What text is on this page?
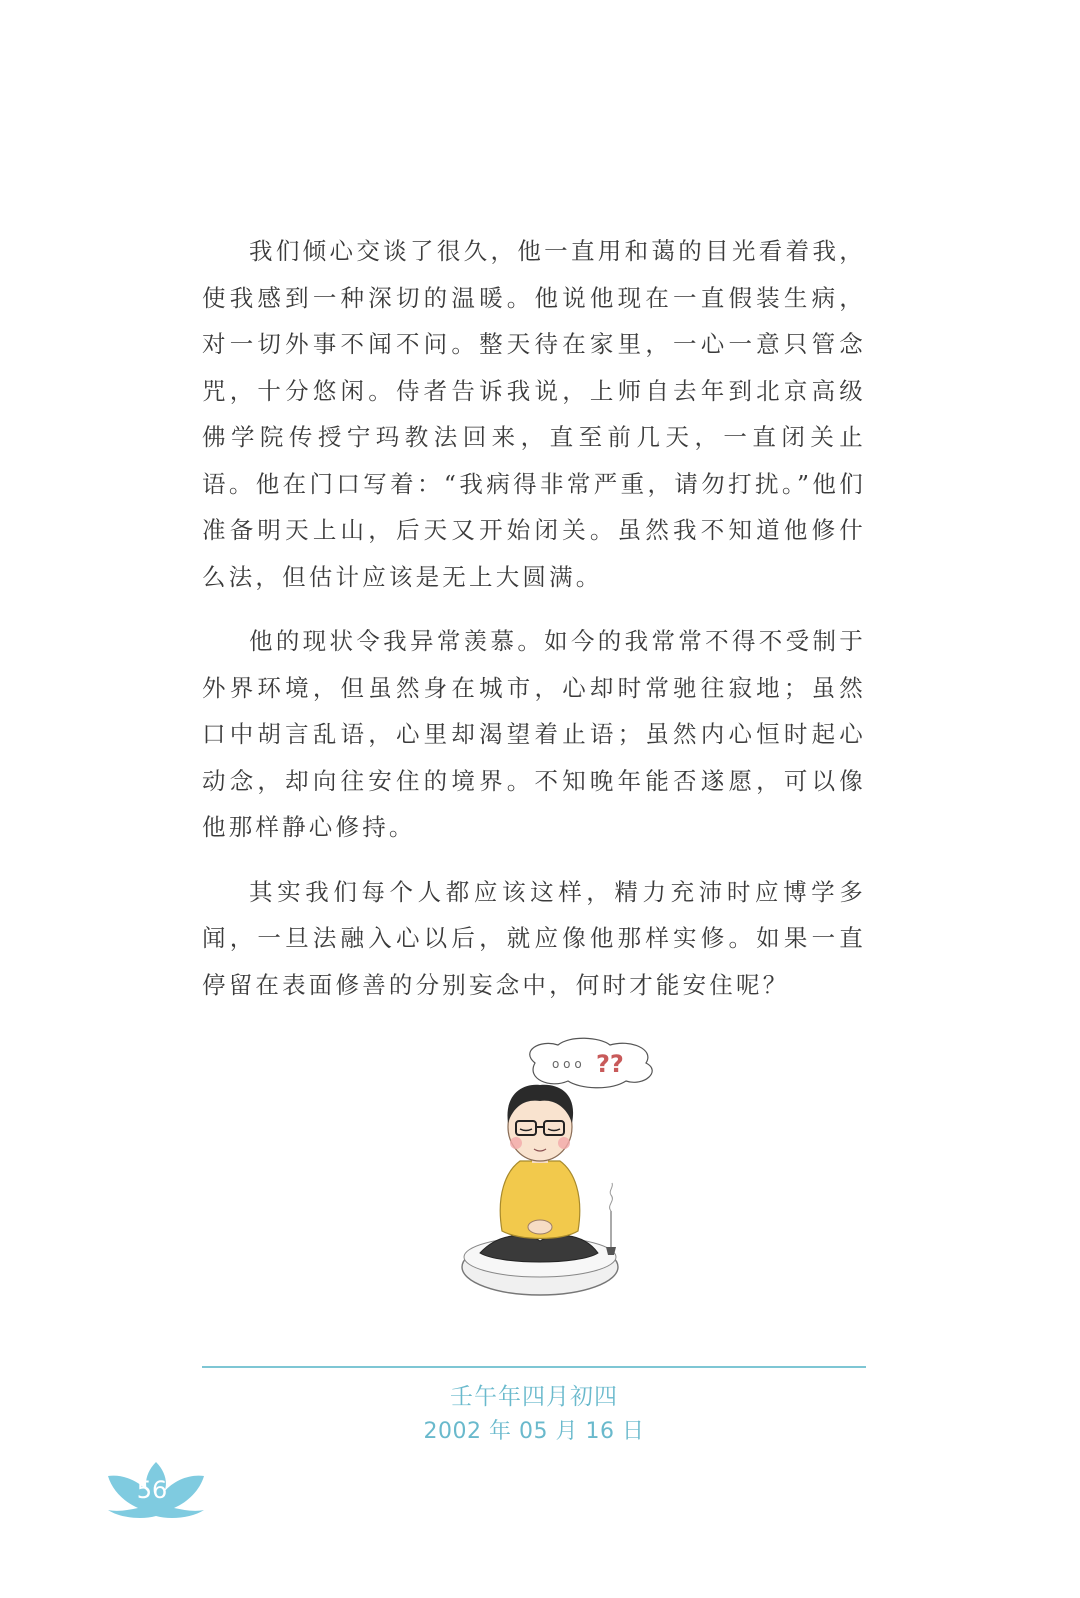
我们倾心交谈了很久，他一直用和蔼的目光看着我，使我感到一种深切的温暖。他说他现在一直假装生病，对一切外事不闻不问。整天待在家里，一心一意只管念咒，十分悠闲。侍者告诉我说，上师自去年到北京高级佛学院传授宁玛教法回来，直至前几天，一直闭关止语。他在门口写着：“我病得非常严重，请勿打扰。”他们准备明天上山，后天又开始闭关。虽然我不知道他修什么法，但估计应该是无上大圆满。

他的现状令我异常羡慕。如今的我常常不得不受制于外界环境，但虽然身在城市，心却时常驰往寂地；虽然口中胡言乱语，心里却渴望着止语；虽然内心恒时起心动念，却向往安住的境界。不知晚年能否遂愿，可以像他那样静心修持。

其实我们每个人都应该这样，精力充沛时应博学多闻，一旦法融入心以后，就应像他那样实修。如果一直停留在表面修善的分别妄念中，何时才能安住呢？

o o o ??
壬午年四月初四
2002 年 05 月 16 日
56
